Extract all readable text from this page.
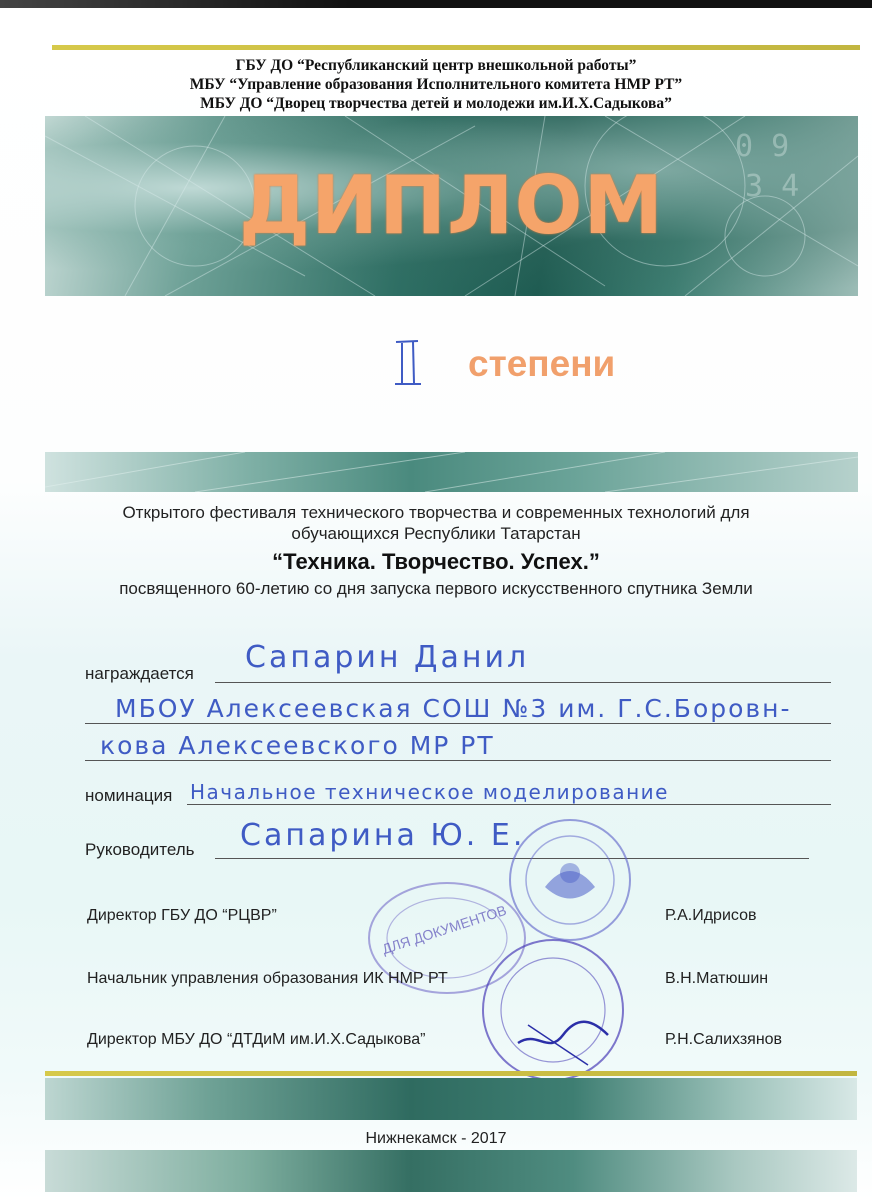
ГБУ ДО “Республиканский центр внешкольной работы”
МБУ “Управление образования Исполнительного комитета НМР РТ”
МБУ ДО “Дворец творчества детей и молодежи им.И.Х.Садыкова”
0 9
3 4
ДИПЛОМ
степени
Открытого фестиваля технического творчества и современных технологий для
обучающихся Республики Татарстан
“Техника. Творчество. Успех.”
посвященного 60-летию со дня запуска первого искусственного спутника Земли
награждается Сапарин Данил
МБОУ Алексеевская СОШ №3 им. Г.С.Боровн-
кова Алексеевского МР РТ
номинация Начальное техническое моделирование
Руководитель Сапарина Ю. Е.
ДЛЯ ДОКУМЕНТОВ
Директор ГБУ ДО “РЦВР”	Р.А.Идрисов
Начальник управления образования ИК НМР РТ	В.Н.Матюшин
Директор МБУ ДО “ДТДиМ им.И.Х.Садыкова”	Р.Н.Салихзянов
Нижнекамск - 2017
